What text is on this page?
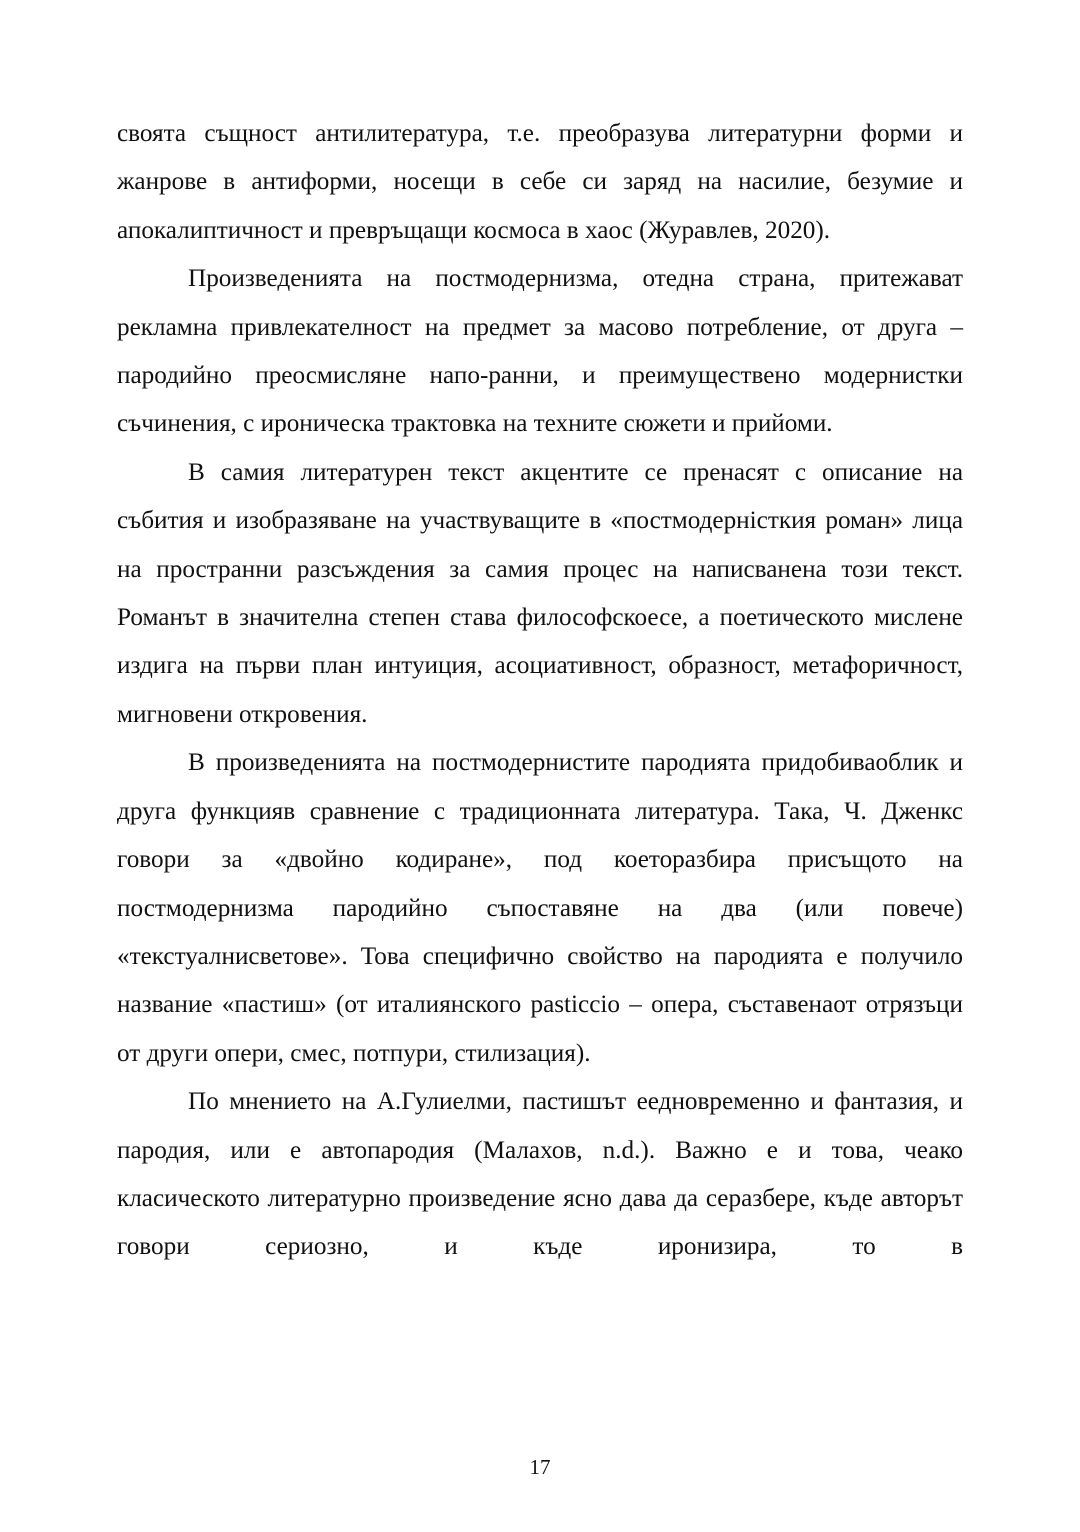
своята същност антилитература, т.е. преобразува литературни форми и жанрове в антиформи, носещи в себе си заряд на насилие, безумие и апокалиптичност и превръщащи космоса в хаос (Журавлев, 2020).

Произведенията на постмодернизма, отедна страна, притежават рекламна привлекателност на предмет за масово потребление, от друга – пародийно преосмисляне напо-ранни, и преимуществено модернистки съчинения, с ироническа трактовка на техните сюжети и прийоми.

В самия литературен текст акцентите се пренасят с описание на събития и изобразяване на участвуващите в «постмодерністкия роман» лица на пространни разсъждения за самия процес на написванена този текст. Романът в значителна степен става философскоесе, а поетическото мислене издига на първи план интуиция, асоциативност, образност, метафоричност, мигновени откровения.

В произведенията на постмодернистите пародията придобиваоблик и друга функцияв сравнение с традиционната литература. Така, Ч. Дженкс говори за «двойно кодиране», под коеторазбира присъщото на постмодернизма пародийно съпоставяне на два (или повече) «текстуалнисветове». Това специфично свойство на пародията е получило название «пастиш» (от италиянского pasticcio – опера, съставенаот отрязъци от други опери, смес, потпури, стилизация).

По мнението на А.Гулиелми, пастишът еедновременно и фантазия, и пародия, или е автопародия (Малахов, n.d.). Важно е и това, чеако класическото литературно произведение ясно дава да серазбере, къде авторът говори сериозно, и къде иронизира, то в

17
